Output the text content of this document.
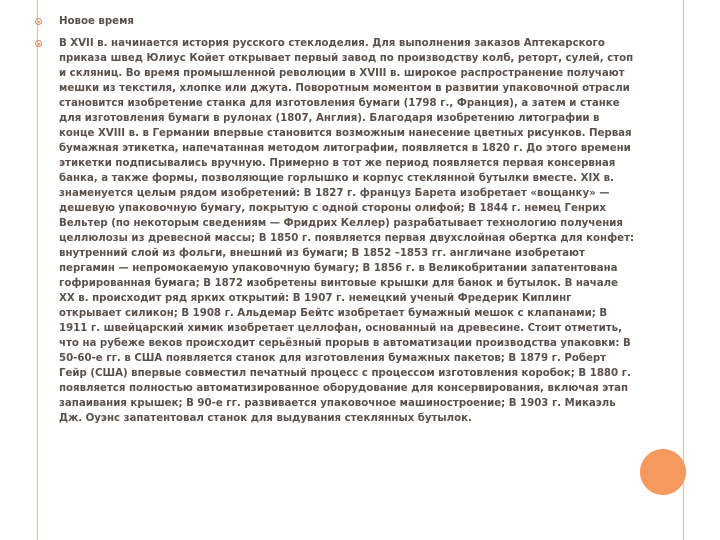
Новое время
В XVII в. начинается история русского стеклоделия. Для выполнения заказов Аптекарского приказа швед Юлиус Койет открывает первый завод по производству колб, реторт, сулей, стоп и скляниц. Во время промышленной революции в XVIII в. широкое распространение получают мешки из текстиля, хлопке или джута. Поворотным моментом в развитии упаковочной отрасли становится изобретение станка для изготовления бумаги (1798 г., Франция), а затем и станке для изготовления бумаги в рулонах (1807, Англия). Благодаря изобретению литографии в конце XVIII в. в Германии впервые становится возможным нанесение цветных рисунков. Первая бумажная этикетка, напечатанная методом литографии, появляется в 1820 г. До этого времени этикетки подписывались вручную. Примерно в тот же период появляется первая консервная банка, а также формы, позволяющие горлышко и корпус стеклянной бутылки вместе. XIX в. знаменуется целым рядом изобретений: В 1827 г. француз Барета изобретает «вощанку» — дешевую упаковочную бумагу, покрытую с одной стороны олифой; В 1844 г. немец Генрих Вельтер (по некоторым сведениям — Фридрих Келлер) разрабатывает технологию получения целлюлозы из древесной массы; В 1850 г. появляется первая двухслойная обертка для конфет: внутренний слой из фольги, внешний из бумаги; В 1852 –1853 гг. англичане изобретают пергамин — непромокаемую упаковочную бумагу; В 1856 г. в Великобритании запатентована гофрированная бумага; В 1872 изобретены винтовые крышки для банок и бутылок. В начале XX в. происходит ряд ярких открытий: В 1907 г. немецкий ученый Фредерик Киплинг открывает силикон; В 1908 г. Альдемар Бейтс изобретает бумажный мешок с клапанами; В 1911 г. швейцарский химик изобретает целлофан, основанный на древесине. Стоит отметить, что на рубеже веков происходит серьёзный прорыв в автоматизации производства упаковки: В 50-60-е гг. в США появляется станок для изготовления бумажных пакетов; В 1879 г. Роберт Гейр (США) впервые совместил печатный процесс с процессом изготовления коробок; В 1880 г. появляется полностью автоматизированное оборудование для консервирования, включая этап запаивания крышек; В 90-е гг. развивается упаковочное машиностроение; В 1903 г. Микаэль Дж. Оуэнс запатентовал станок для выдувания стеклянных бутылок.
